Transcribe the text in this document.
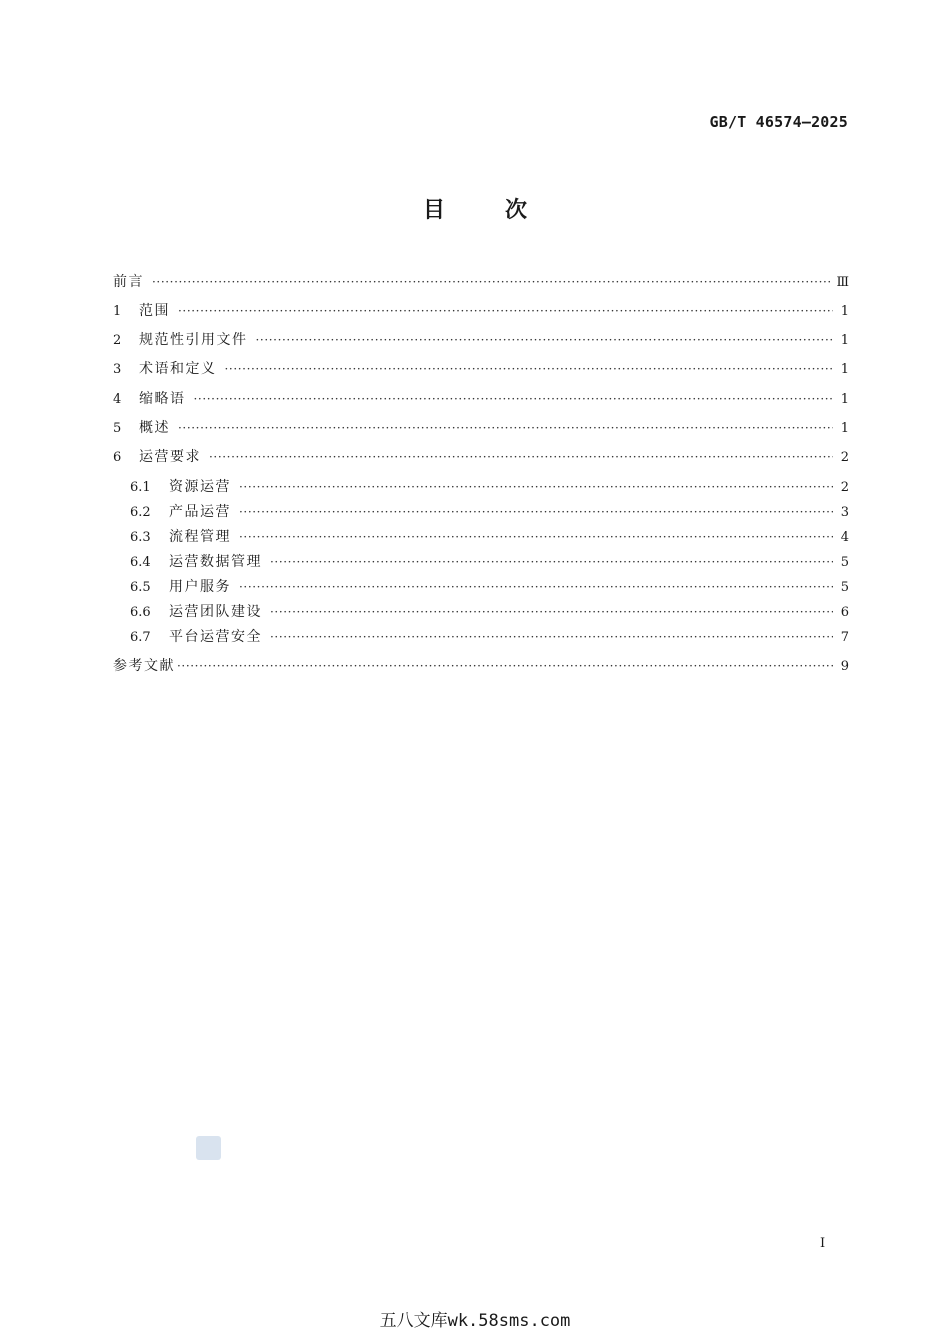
GB/T 46574—2025
目	次
前言 ·····	Ⅲ
1	范围 ·····	1
2	规范性引用文件 ·····	1
3	术语和定义 ·····	1
4	缩略语 ·····	1
5	概述 ·····	1
6	运营要求 ·····	2
6.1	资源运营 ·····	2
6.2	产品运营 ·····	3
6.3	流程管理 ·····	4
6.4	运营数据管理 ·····	5
6.5	用户服务 ·····	5
6.6	运营团队建设 ·····	6
6.7	平台运营安全 ·····	7
参考文献 ·····	9
I
五八文库wk.58sms.com
